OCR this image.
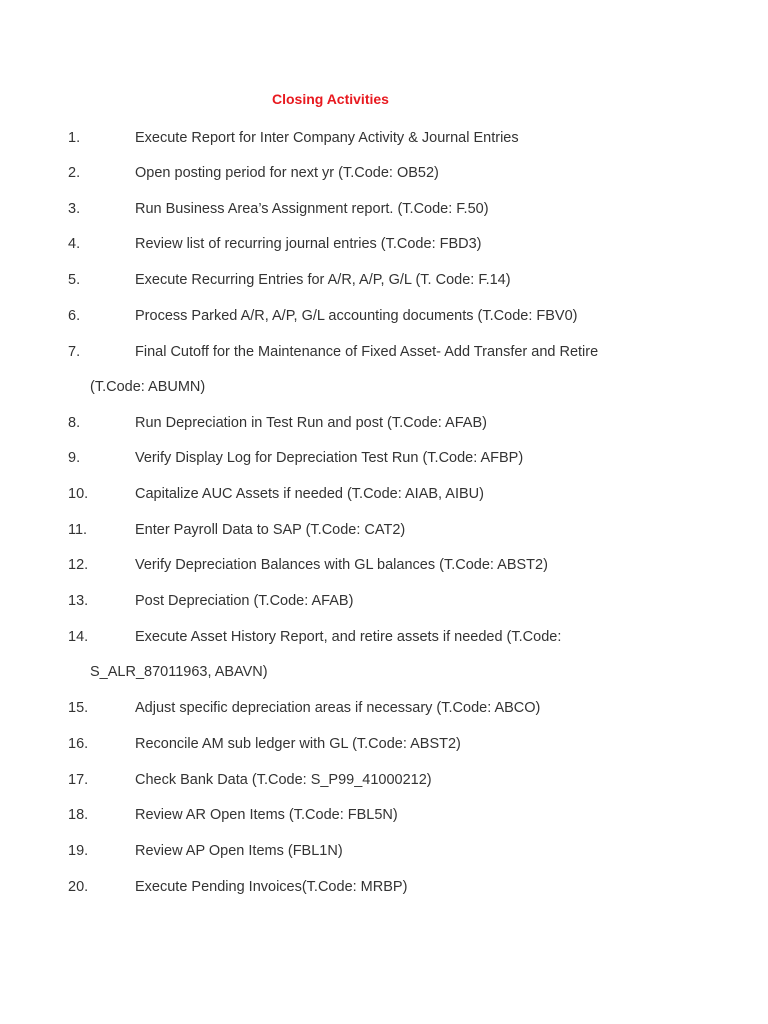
Closing Activities
1.	Execute Report for Inter Company Activity & Journal Entries
2.	Open posting period for next yr (T.Code: OB52)
3.	Run Business Area’s Assignment report. (T.Code: F.50)
4.	Review list of recurring journal entries (T.Code: FBD3)
5.	Execute Recurring Entries for A/R, A/P, G/L (T. Code: F.14)
6.	Process Parked A/R, A/P, G/L accounting documents (T.Code: FBV0)
7.	Final Cutoff for the Maintenance of Fixed Asset- Add Transfer and Retire
(T.Code: ABUMN)
8.	Run Depreciation in Test Run and post (T.Code: AFAB)
9.	Verify Display Log for Depreciation Test Run (T.Code: AFBP)
10.	Capitalize AUC Assets if needed (T.Code: AIAB, AIBU)
11.	Enter Payroll Data to SAP (T.Code: CAT2)
12.	Verify Depreciation Balances with GL balances (T.Code: ABST2)
13.	Post Depreciation (T.Code: AFAB)
14.	Execute Asset History Report, and retire assets if needed (T.Code:
S_ALR_87011963, ABAVN)
15.	Adjust specific depreciation areas if necessary (T.Code: ABCO)
16.	Reconcile AM sub ledger with GL (T.Code: ABST2)
17.	Check Bank Data (T.Code: S_P99_41000212)
18.	Review AR Open Items (T.Code: FBL5N)
19.	Review AP Open Items (FBL1N)
20.	Execute Pending Invoices(T.Code: MRBP)
